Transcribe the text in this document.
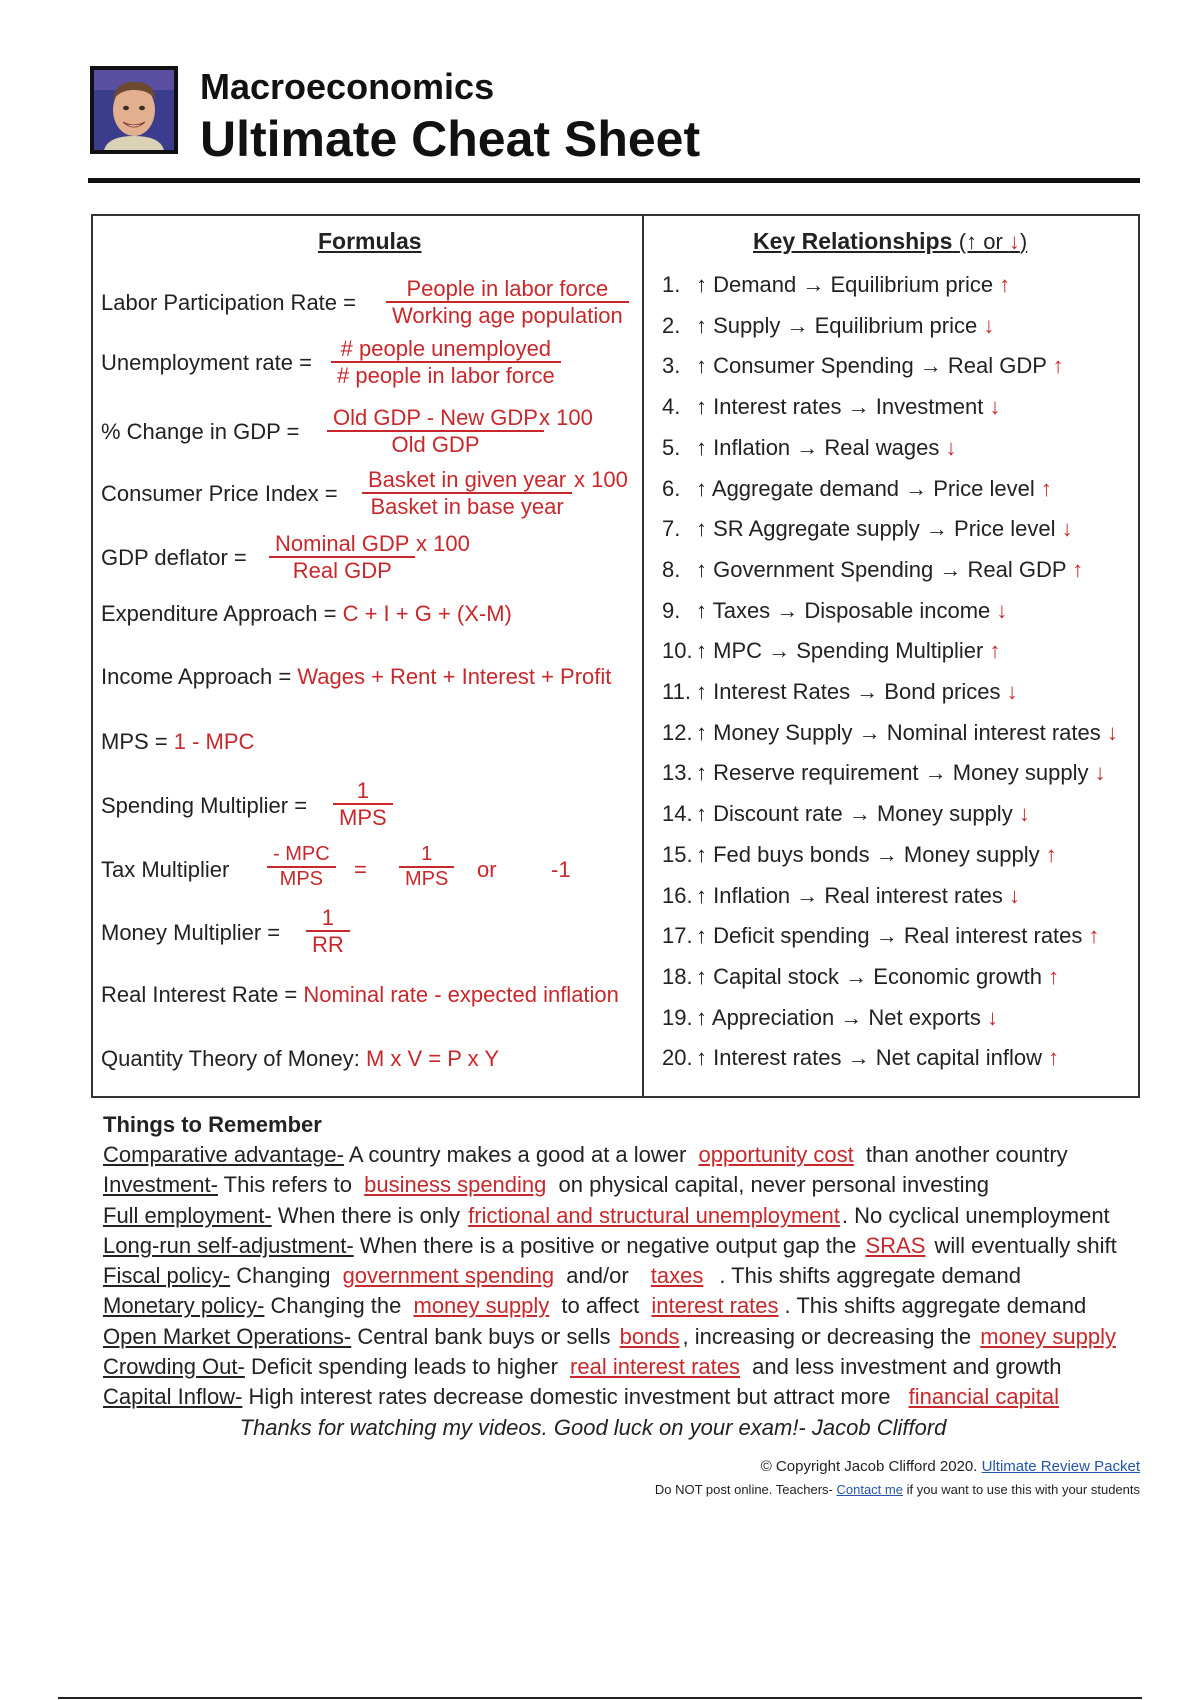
Macroeconomics
Ultimate Cheat Sheet
Formulas
Labor Participation Rate =
People in labor force
Working age population
Unemployment rate =
# people unemployed
# people in labor force
% Change in GDP =
Old GDP - New GDP
Old GDP
x 100
Consumer Price Index =
Basket in given year
Basket in base year
x 100
GDP deflator =
Nominal GDP
Real GDP
x 100
Expenditure Approach = C + I + G + (X-M)
Income Approach = Wages + Rent + Interest + Profit
MPS = 1 - MPC
Spending Multiplier =
1
MPS
Tax Multiplier
- MPC
MPS	=
1
MPS or -1
Money Multiplier = $\frac{1}{RR}$
Real Interest Rate = Nominal rate - expected inflation
Quantity Theory of Money: M x V = P x Y
Key Relationships (↑ or ↓)
1. ↑ Demand → Equilibrium price ↑
2. ↑ Supply → Equilibrium price ↓
3. ↑ Consumer Spending → Real GDP ↑
4. ↑ Interest rates → Investment ↓
5. ↑ Inflation → Real wages ↓
6. ↑ Aggregate demand → Price level ↑
7. ↑ SR Aggregate supply → Price level ↓
8. ↑ Government Spending → Real GDP ↑
9. ↑ Taxes → Disposable income ↓
10. ↑ MPC → Spending Multiplier ↑
11. ↑ Interest Rates → Bond prices ↓
12. ↑ Money Supply → Nominal interest rates ↓
13. ↑ Reserve requirement → Money supply ↓
14. ↑ Discount rate → Money supply ↓
15. ↑ Fed buys bonds → Money supply ↑
16. ↑ Inflation → Real interest rates ↓
17. ↑ Deficit spending → Real interest rates ↑
18. ↑ Capital stock → Economic growth ↑
19. ↑ Appreciation → Net exports ↓
20. ↑ Interest rates → Net capital inflow ↑
Things to Remember
Comparative advantage- A country makes a good at a lower opportunity cost than another country
Investment- This refers to business spending on physical capital, never personal investing
Full employment- When there is only frictional and structural unemployment. No cyclical unemployment
Long-run self-adjustment- When there is a positive or negative output gap the SRAS will eventually shift
Fiscal policy- Changing government spending and/or taxes . This shifts aggregate demand
Monetary policy- Changing the money supply to affect interest rates . This shifts aggregate demand
Open Market Operations- Central bank buys or sells bonds , increasing or decreasing the money supply
Crowding Out- Deficit spending leads to higher real interest rates and less investment and growth
Capital Inflow- High interest rates decrease domestic investment but attract more financial capital
Thanks for watching my videos. Good luck on your exam!- Jacob Clifford
© Copyright Jacob Clifford 2020. Ultimate Review Packet
Do NOT post online. Teachers- Contact me if you want to use this with your students
